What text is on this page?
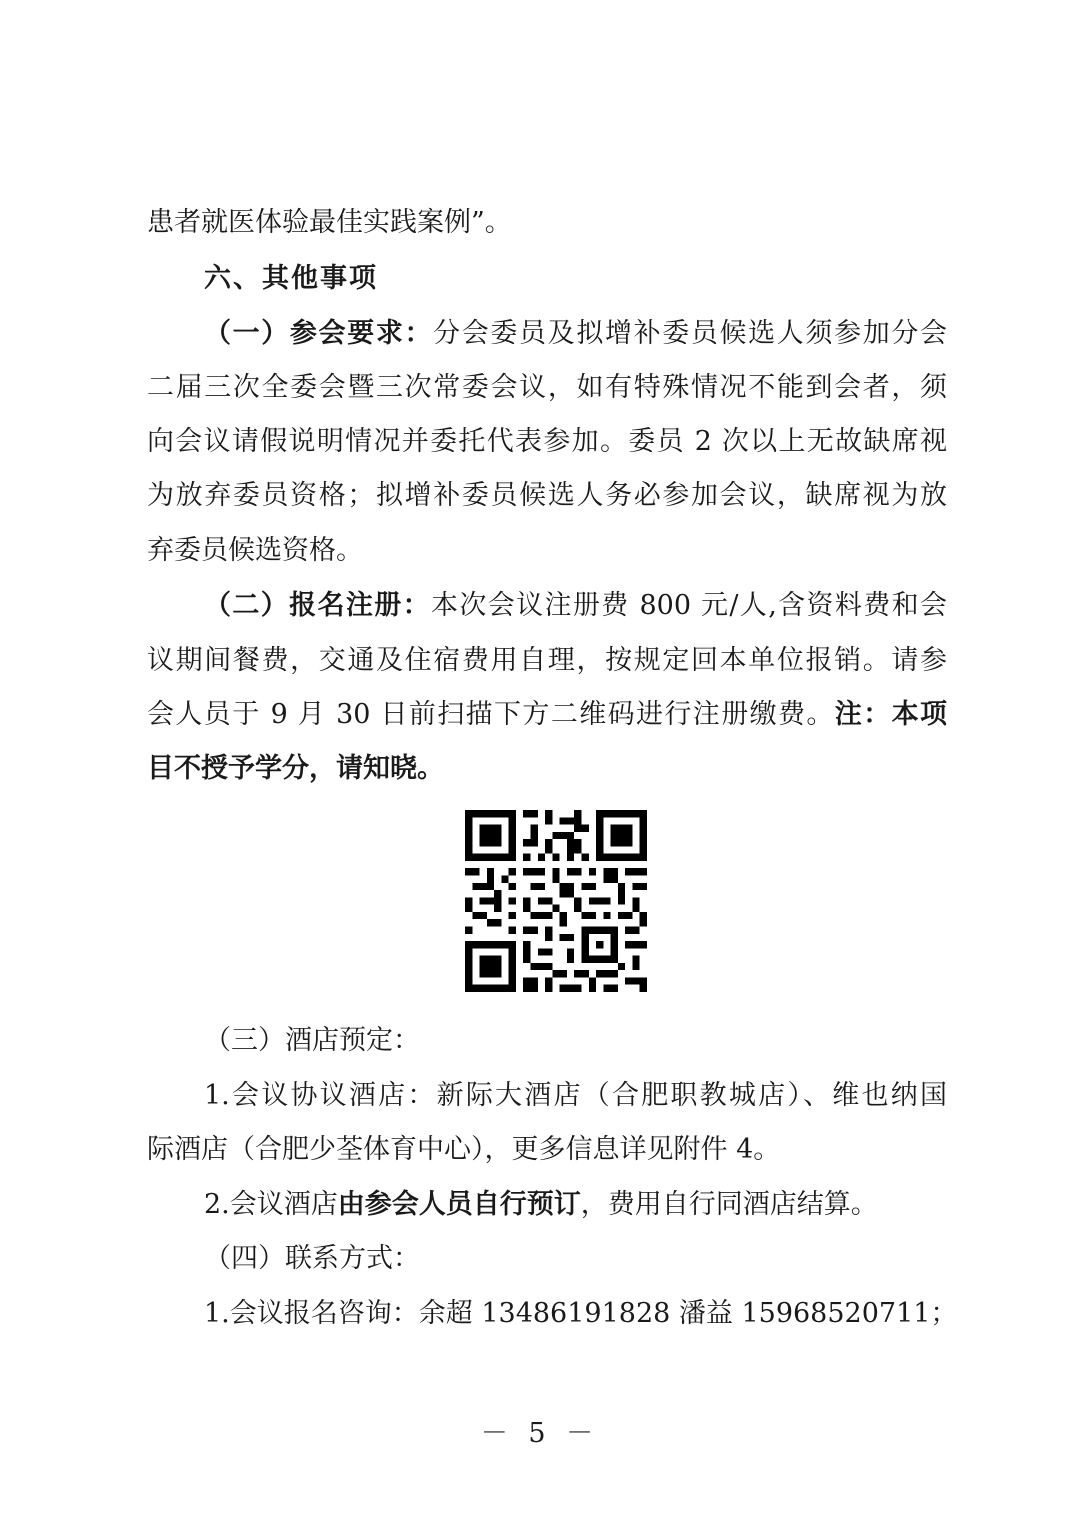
患者就医体验最佳实践案例”。
六、其他事项
（一）参会要求：分会委员及拟增补委员候选人须参加分会
二届三次全委会暨三次常委会议，如有特殊情况不能到会者，须
向会议请假说明情况并委托代表参加。委员 2 次以上无故缺席视
为放弃委员资格；拟增补委员候选人务必参加会议，缺席视为放
弃委员候选资格。
（二）报名注册：本次会议注册费 800 元/人,含资料费和会
议期间餐费，交通及住宿费用自理，按规定回本单位报销。请参
会人员于 9 月 30 日前扫描下方二维码进行注册缴费。注：本项
目不授予学分，请知晓。
（三）酒店预定：
1.会议协议酒店：新际大酒店（合肥职教城店）、维也纳国
际酒店（合肥少荃体育中心），更多信息详见附件 4。
2.会议酒店由参会人员自行预订，费用自行同酒店结算。
（四）联系方式：
1.会议报名咨询：余超 13486191828 潘益 15968520711；
－ 5 －
